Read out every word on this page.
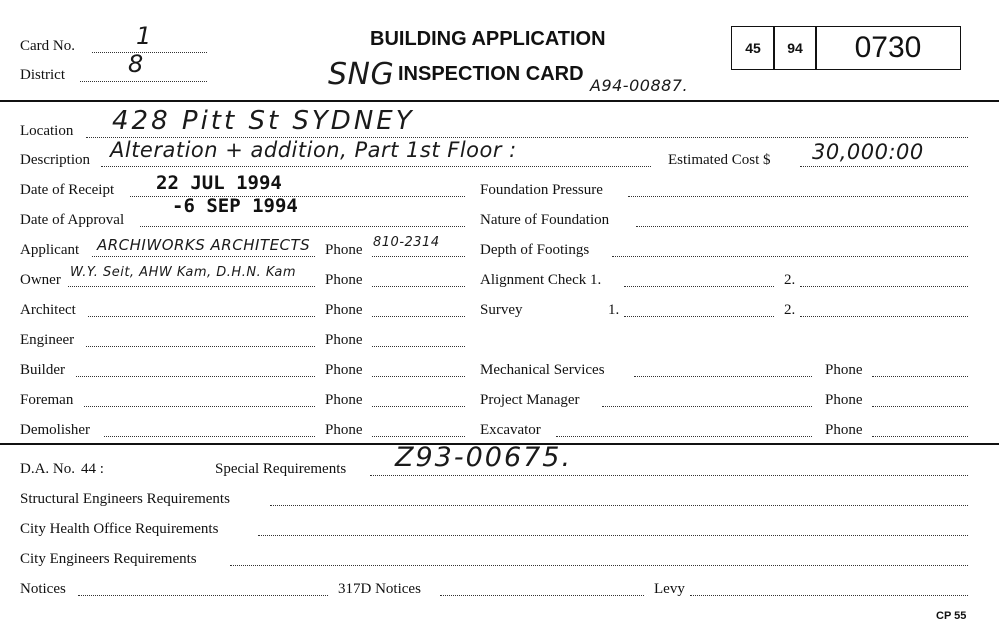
Card No.	1
District	8
BUILDING APPLICATION
INSPECTION CARD
SNG	A94-00887.
45 94 0730
Location 428 Pitt St SYDNEY
Description Alteration + addition, Part 1st Floor :	Estimated Cost $ 30,000:00
Date of Receipt 22 JUL 1994
Date of Approval
-6 SEP 1994
Applicant ARCHIWORKS ARCHITECTS Phone 810-2314
Owner W.Y. Seit, AHW Kam, D.H.N. Kam Phone
Architect	Phone
Engineer	Phone
Builder	Phone
Foreman	Phone
Demolisher	Phone
Foundation Pressure
Nature of Foundation
Depth of Footings
Alignment Check 1.	2.
Survey	1.	2.
Mechanical Services	Phone
Project Manager	Phone
Excavator	Phone
D.A. No. 44 :	Special Requirements Z93-00675.
Structural Engineers Requirements
City Health Office Requirements
City Engineers Requirements
Notices	317D Notices	Levy
CP 55
